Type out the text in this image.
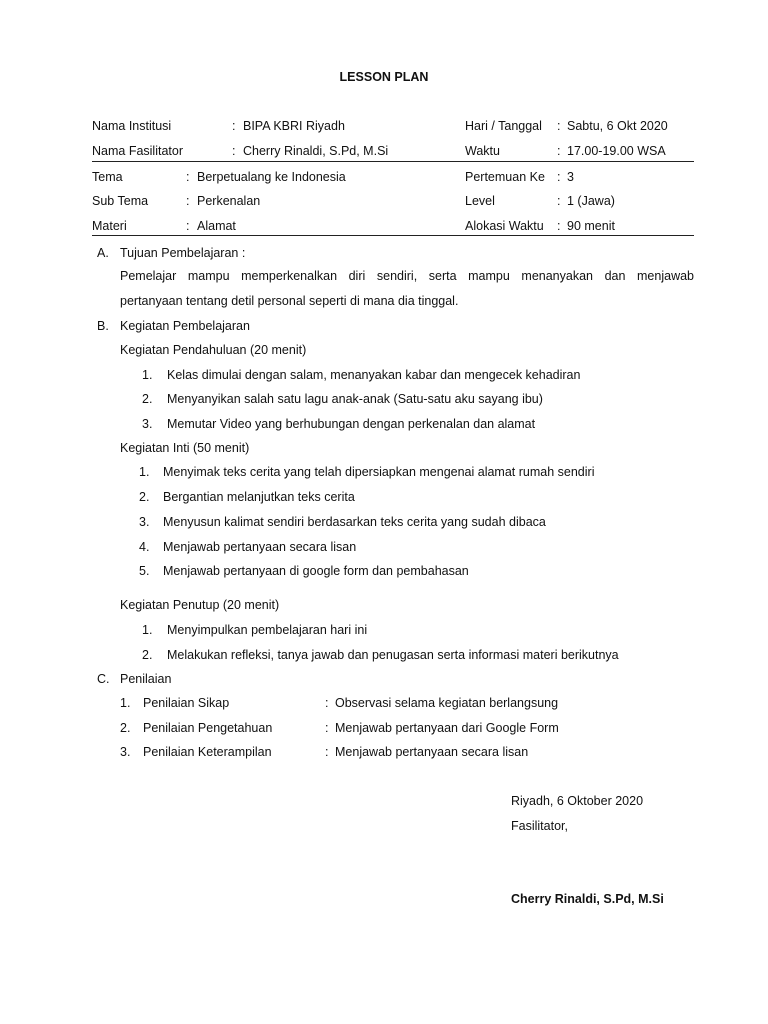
LESSON PLAN
Nama Institusi	: BIPA KBRI Riyadh	Hari / Tanggal : Sabtu, 6 Okt 2020
Nama Fasilitator	: Cherry Rinaldi, S.Pd, M.Si	Waktu	: 17.00-19.00 WSA
Tema	: Berpetualang ke Indonesia	Pertemuan Ke : 3
Sub Tema	: Perkenalan	Level	: 1 (Jawa)
Materi	: Alamat	Alokasi Waktu : 90 menit
A. Tujuan Pembelajaran :
Pemelajar mampu memperkenalkan diri sendiri, serta mampu menanyakan dan menjawab
pertanyaan tentang detil personal seperti di mana dia tinggal.
B. Kegiatan Pembelajaran
Kegiatan Pendahuluan (20 menit)
1. Kelas dimulai dengan salam, menanyakan kabar dan mengecek kehadiran
2. Menyanyikan salah satu lagu anak-anak (Satu-satu aku sayang ibu)
3. Memutar Video yang berhubungan dengan perkenalan dan alamat
Kegiatan Inti (50 menit)
1. Menyimak teks cerita yang telah dipersiapkan mengenai alamat rumah sendiri
2. Bergantian melanjutkan teks cerita
3. Menyusun kalimat sendiri berdasarkan teks cerita yang sudah dibaca
4. Menjawab pertanyaan secara lisan
5. Menjawab pertanyaan di google form dan pembahasan
Kegiatan Penutup (20 menit)
1. Menyimpulkan pembelajaran hari ini
2. Melakukan refleksi, tanya jawab dan penugasan serta informasi materi berikutnya
C. Penilaian
1. Penilaian Sikap	: Observasi selama kegiatan berlangsung
2. Penilaian Pengetahuan	: Menjawab pertanyaan dari Google Form
3. Penilaian Keterampilan	: Menjawab pertanyaan secara lisan
Riyadh, 6 Oktober 2020
Fasilitator,
Cherry Rinaldi, S.Pd, M.Si
